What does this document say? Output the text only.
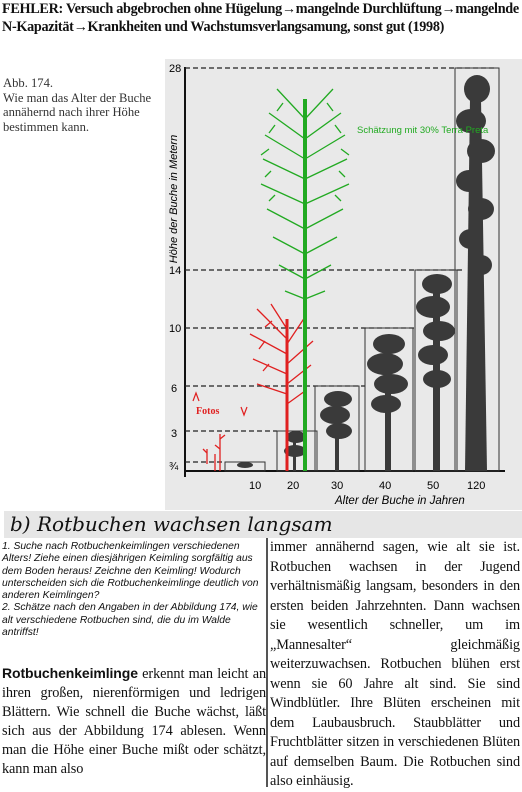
FEHLER: Versuch abgebrochen ohne Hügelung→mangelnde Durchlüftung→mangelnde N-Kapazität→Krankheiten und Wachstumsverlangsamung, sonst gut (1998)
Abb. 174.
Wie man das Alter der Buche annähernd nach ihrer Höhe bestimmen kann.
Höhe der Buche in Metern
28
14
10
6
3
¾
Schätzung mit 30% Terra Preta
Fotos
10 20	30	40	50	120
Alter der Buche in Jahren
b) Rotbuchen wachsen langsam

1. Suche nach Rotbuchenkeimlingen verschiedenen Alters! Ziehe einen diesjährigen Keimling sorgfältig aus dem Boden heraus! Zeichne den Keimling! Wodurch unterscheiden sich die Rotbuchenkeimlinge deutlich von anderen Keimlingen?

2. Schätze nach den Angaben in der Abbildung 174, wie alt verschiedene Rotbuchen sind, die du im Walde antriffst!

Rotbuchenkeimlinge erkennt man leicht an ihren großen, nierenförmigen und ledrigen Blättern. Wie schnell die Buche wächst, läßt sich aus der Abbildung 174 ablesen. Wenn man die Höhe einer Buche mißt oder schätzt, kann man also
immer annähernd sagen, wie alt sie ist. Rotbuchen wachsen in der Jugend verhältnismäßig langsam, besonders in den ersten beiden Jahrzehnten. Dann wachsen sie wesentlich schneller, um im „Mannesalter“ gleichmäßig weiterzuwachsen. Rotbuchen blühen erst wenn sie 60 Jahre alt sind. Sie sind Windblütler. Ihre Blüten erscheinen mit dem Laubausbruch. Staubblätter und Fruchtblätter sitzen in verschiedenen Blüten auf demselben Baum. Die Rotbuchen sind also einhäusig.
